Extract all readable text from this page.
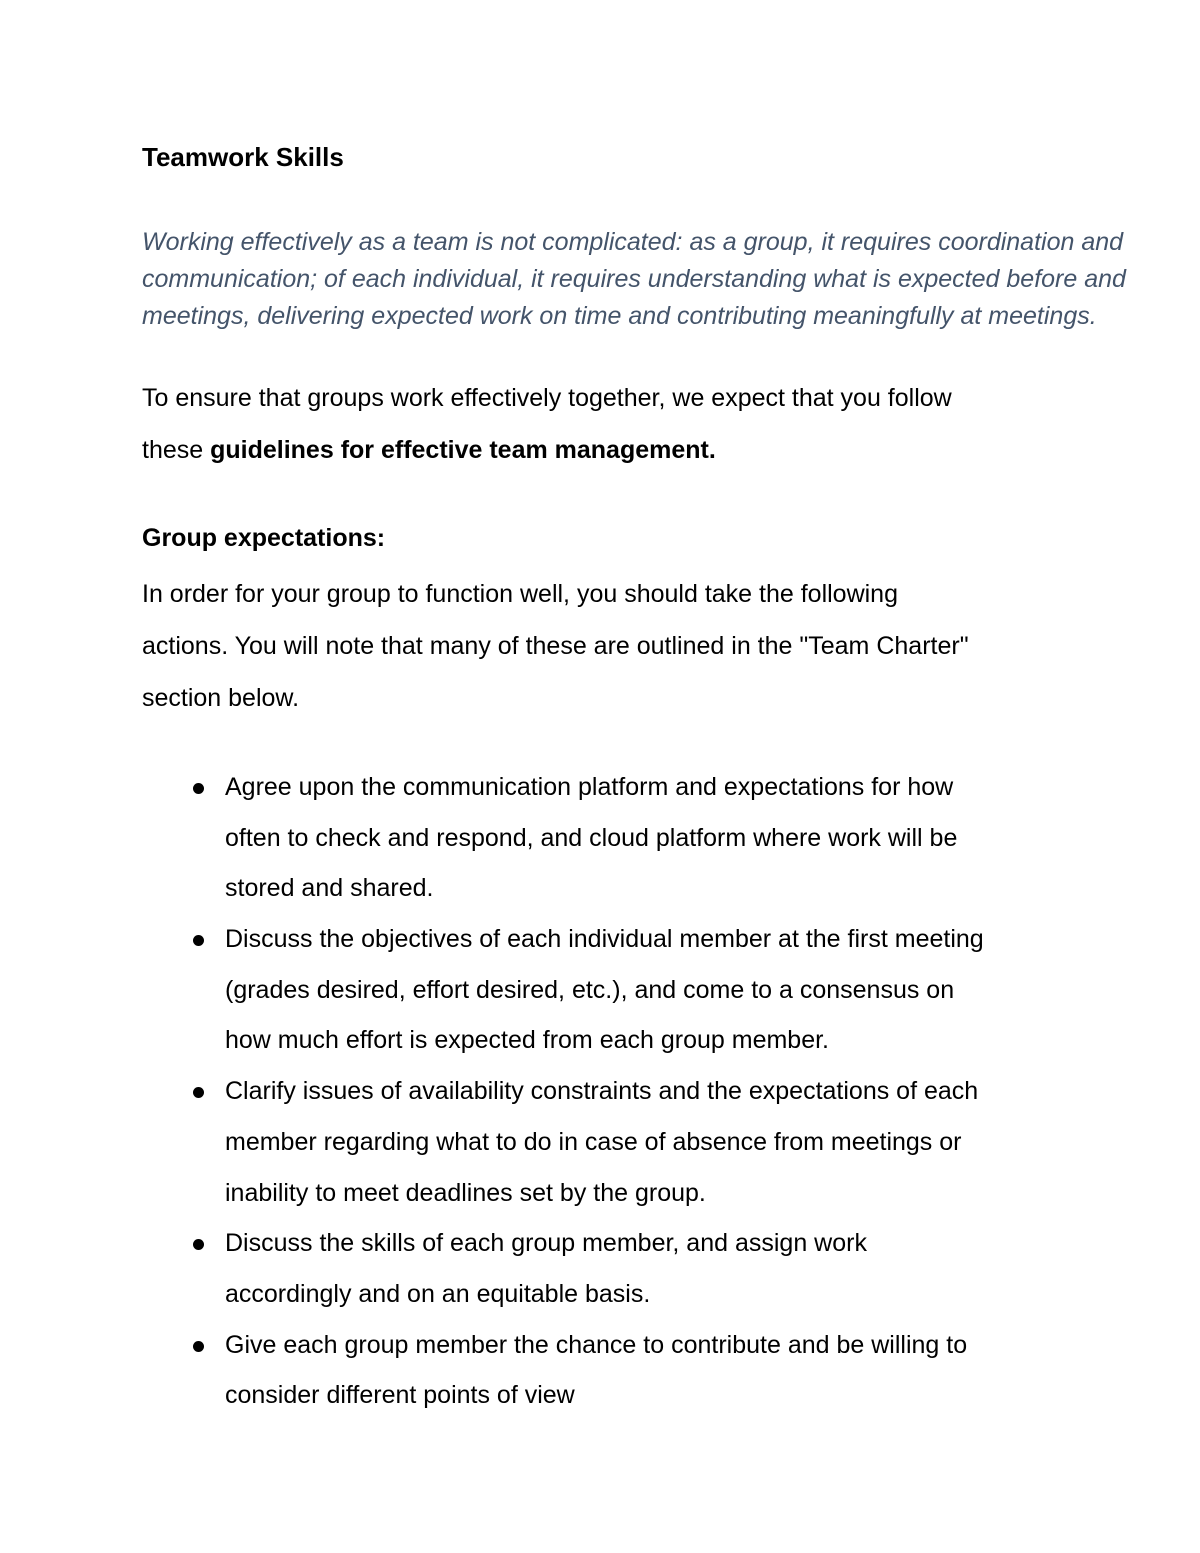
Teamwork Skills
Working effectively as a team is not complicated: as a group, it requires coordination and
communication; of each individual, it requires understanding what is expected before and
meetings, delivering expected work on time and contributing meaningfully at meetings.
To ensure that groups work effectively together, we expect that you follow
these guidelines for effective team management.
Group expectations:
In order for your group to function well, you should take the following
actions. You will note that many of these are outlined in the "Team Charter"
section below.
Agree upon the communication platform and expectations for how
often to check and respond, and cloud platform where work will be
stored and shared.
Discuss the objectives of each individual member at the first meeting
(grades desired, effort desired, etc.), and come to a consensus on
how much effort is expected from each group member.
Clarify issues of availability constraints and the expectations of each
member regarding what to do in case of absence from meetings or
inability to meet deadlines set by the group.
Discuss the skills of each group member, and assign work
accordingly and on an equitable basis.
Give each group member the chance to contribute and be willing to
consider different points of view
